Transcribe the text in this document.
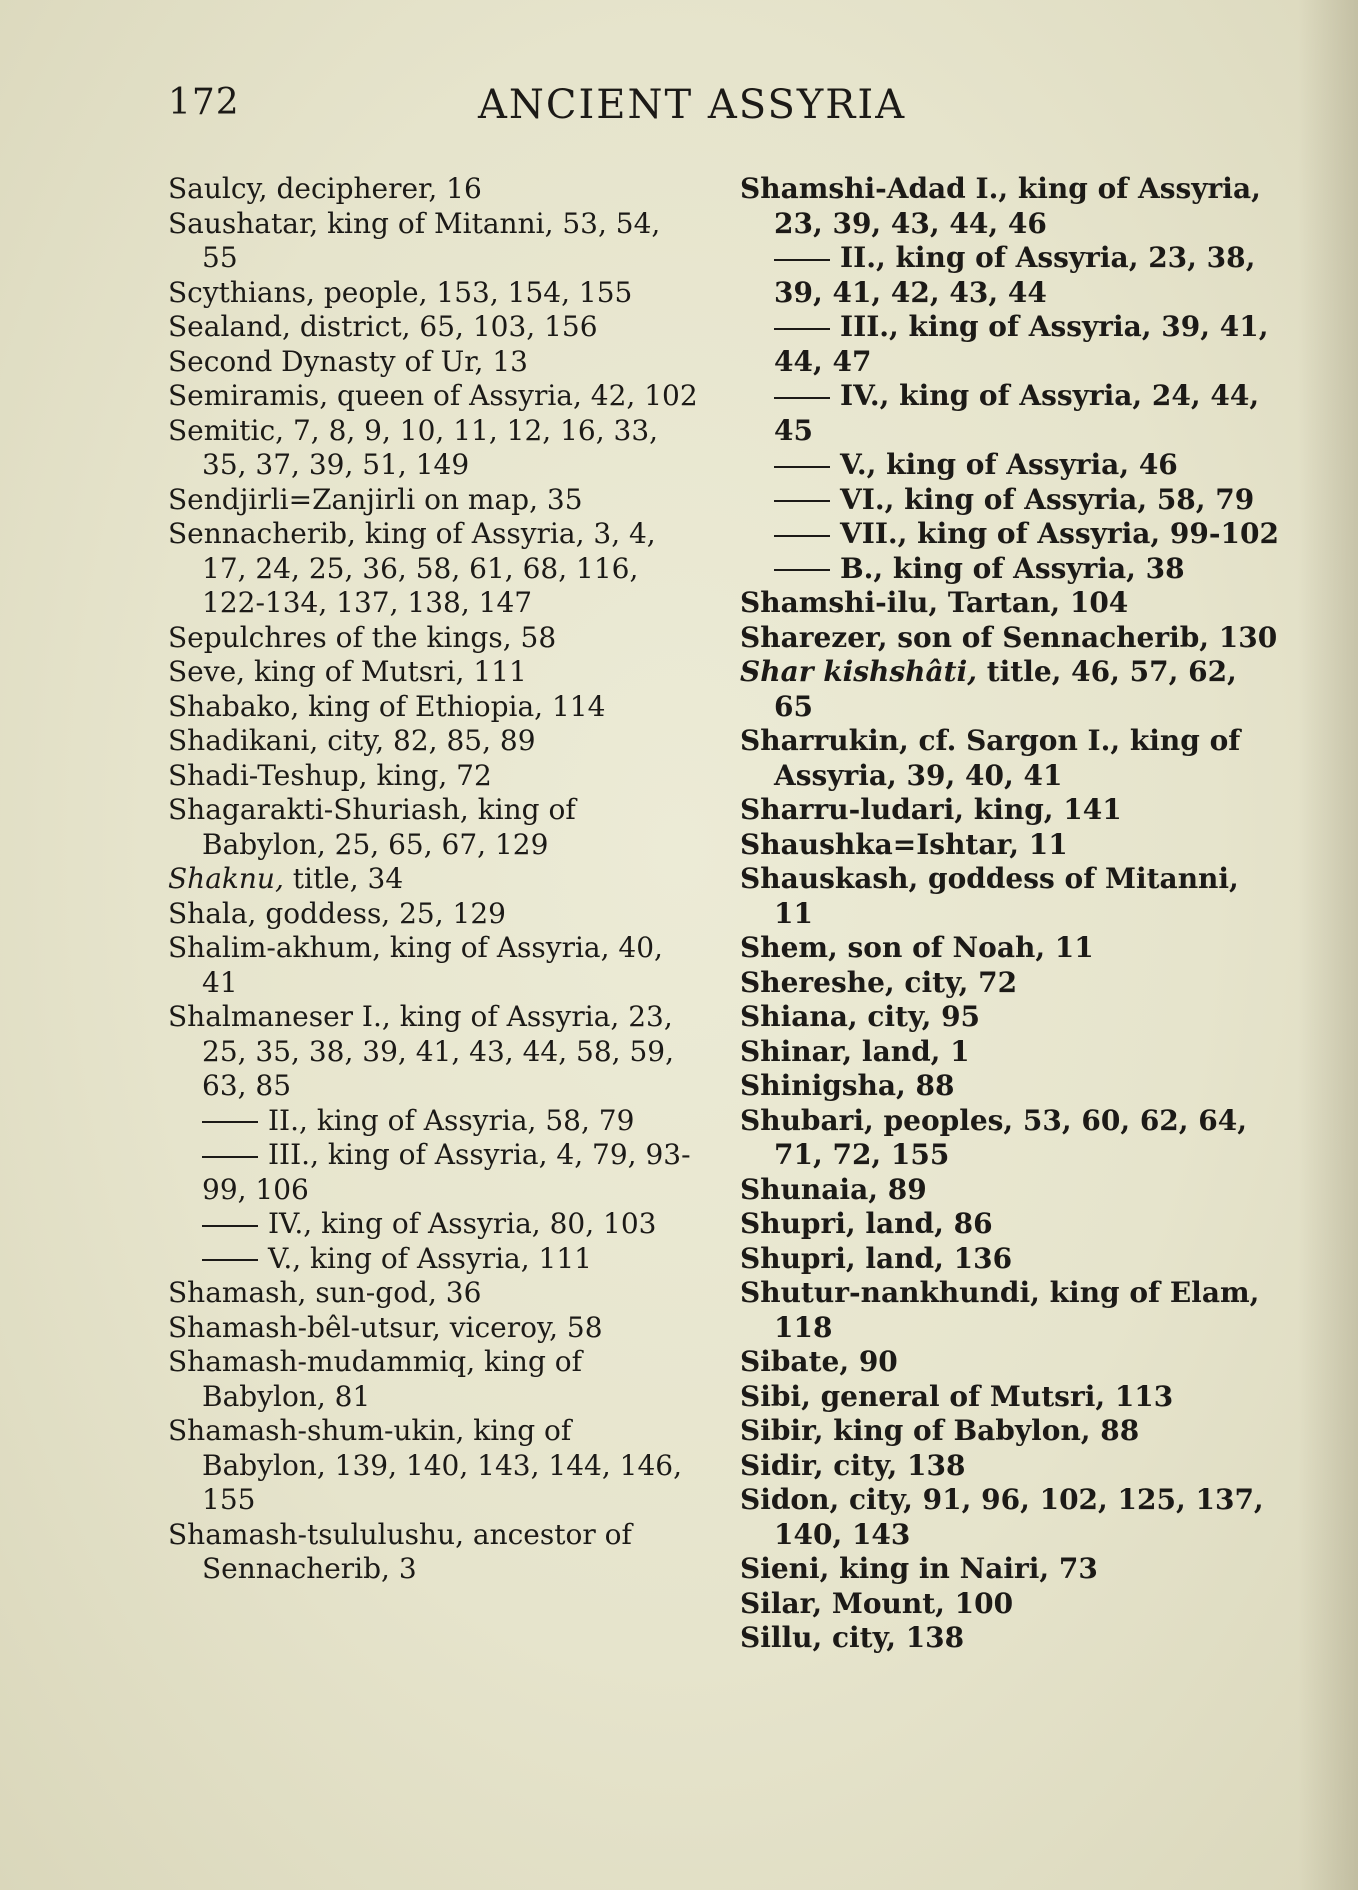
172	ANCIENT ASSYRIA
Saulcy, decipherer, 16
Saushatar, king of Mitanni, 53, 54, 55
Scythians, people, 153, 154, 155
Sealand, district, 65, 103, 156
Second Dynasty of Ur, 13
Semiramis, queen of Assyria, 42, 102
Semitic, 7, 8, 9, 10, 11, 12, 16, 33, 35, 37, 39, 51, 149
Sendjirli=Zanjirli on map, 35
Sennacherib, king of Assyria, 3, 4, 17, 24, 25, 36, 58, 61, 68, 116, 122-134, 137, 138, 147
Sepulchres of the kings, 58
Seve, king of Mutsri, 111
Shabako, king of Ethiopia, 114
Shadikani, city, 82, 85, 89
Shadi-Teshup, king, 72
Shagarakti-Shuriash, king of Babylon, 25, 65, 67, 129
Shaknu, title, 34
Shala, goddess, 25, 129
Shalim-akhum, king of Assyria, 40, 41
Shalmaneser I., king of Assyria, 23, 25, 35, 38, 39, 41, 43, 44, 58, 59, 63, 85
II., king of Assyria, 58, 79
III., king of Assyria, 4, 79, 93-99, 106
IV., king of Assyria, 80, 103
V., king of Assyria, 111
Shamash, sun-god, 36
Shamash-bêl-utsur, viceroy, 58
Shamash-mudammiq, king of Babylon, 81
Shamash-shum-ukin, king of Babylon, 139, 140, 143, 144, 146, 155
Shamash-tsululushu, ancestor of Sennacherib, 3
Shamshi-Adad I., king of Assyria, 23, 39, 43, 44, 46
II., king of Assyria, 23, 38, 39, 41, 42, 43, 44
III., king of Assyria, 39, 41, 44, 47
IV., king of Assyria, 24, 44, 45
V., king of Assyria, 46
VI., king of Assyria, 58, 79
VII., king of Assyria, 99-102
B., king of Assyria, 38
Shamshi-ilu, Tartan, 104
Sharezer, son of Sennacherib, 130
Shar kishshâti, title, 46, 57, 62, 65
Sharrukin, cf. Sargon I., king of Assyria, 39, 40, 41
Sharru-ludari, king, 141
Shaushka=Ishtar, 11
Shauskash, goddess of Mitanni, 11
Shem, son of Noah, 11
Shereshe, city, 72
Shiana, city, 95
Shinar, land, 1
Shinigsha, 88
Shubari, peoples, 53, 60, 62, 64, 71, 72, 155
Shunaia, 89
Shupri, land, 86
Shupri, land, 136
Shutur-nankhundi, king of Elam, 118
Sibate, 90
Sibi, general of Mutsri, 113
Sibir, king of Babylon, 88
Sidir, city, 138
Sidon, city, 91, 96, 102, 125, 137, 140, 143
Sieni, king in Nairi, 73
Silar, Mount, 100
Sillu, city, 138
